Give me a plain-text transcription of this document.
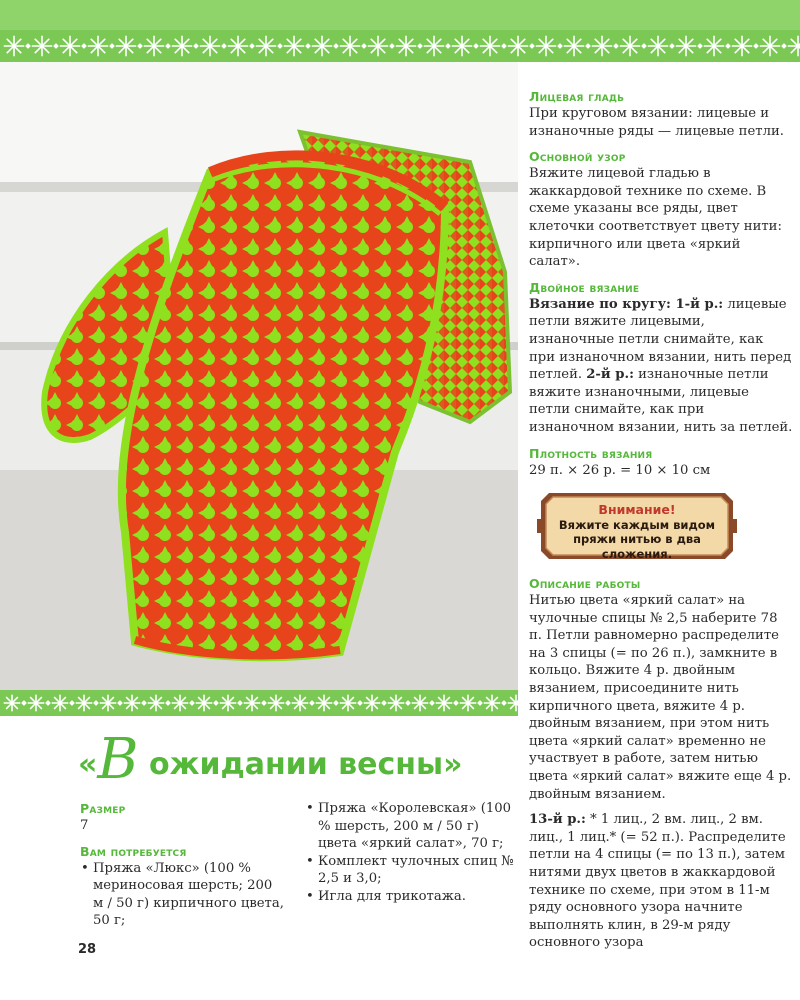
Лицевая гладь

При круговом вязании: лицевые и изнаночные ряды — лицевые петли.

Основной узор

Вяжите лицевой гладью в жаккардовой технике по схеме. В схеме указаны все ряды, цвет клеточки соответствует цвету нити: кирпичного или цвета «яркий салат».

Двойное вязание

Вязание по кругу: 1-й р.: лицевые петли вяжите лицевыми, изнаночные петли снимайте, как при изнаночном вязании, нить перед петлей. 2-й р.: изнаночные петли вяжите изнаночными, лицевые петли снимайте, как при изнаночном вязании, нить за петлей.

Плотность вязания

29 п. × 26 р. = 10 × 10 см

Внимание!
Вяжите каждым видом пряжи нитью в два сложения.
Описание работы

Нитью цвета «яркий салат» на чулочные спицы № 2,5 наберите 78 п. Петли равномерно распределите на 3 спицы (= по 26 п.), замкните в кольцо. Вяжите 4 р. двойным вязанием, присоедините нить кирпичного цвета, вяжите 4 р. двойным вязанием, при этом нить цвета «яркий салат» временно не участвует в работе, затем нитью цвета «яркий салат» вяжите еще 4 р. двойным вязанием.

13-й р.: * 1 лиц., 2 вм. лиц., 2 вм. лиц., 1 лиц.* (= 52 п.). Распределите петли на 4 спицы (= по 13 п.), затем нитями двух цветов в жаккардовой технике по схеме, при этом в 11-м ряду основного узора начните выполнять клин, в 29-м ряду основного узора

«В ожидании весны»
Размер

7

Вам потребуется
• Пряжа «Люкс» (100 % мериносовая шерсть; 200 м / 50 г) кирпичного цвета, 50 г;
• Пряжа «Королевская» (100 % шерсть, 200 м / 50 г) цвета «яркий салат», 70 г;
• Комплект чулочных спиц № 2,5 и 3,0;
• Игла для трикотажа.
28
